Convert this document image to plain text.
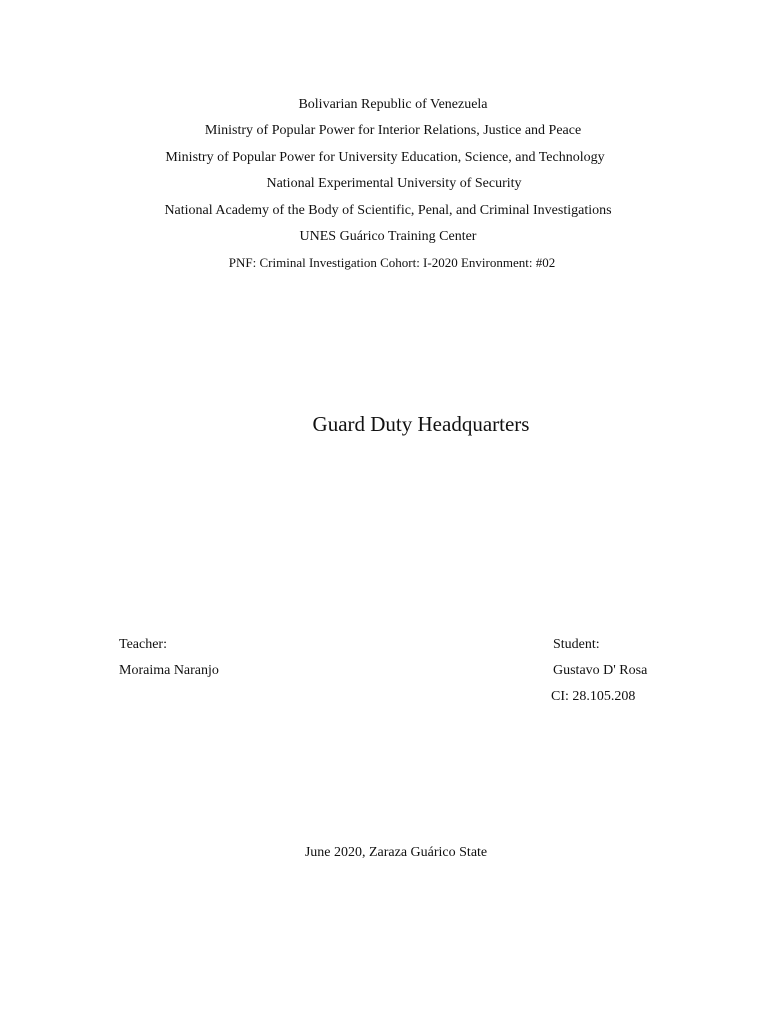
Bolivarian Republic of Venezuela
Ministry of Popular Power for Interior Relations, Justice and Peace
Ministry of Popular Power for University Education, Science, and Technology
National Experimental University of Security
National Academy of the Body of Scientific, Penal, and Criminal Investigations
UNES Guárico Training Center
PNF: Criminal Investigation Cohort: I-2020 Environment: #02
Guard Duty Headquarters
Teacher:
Moraima Naranjo
Student:
Gustavo D' Rosa
CI: 28.105.208
June 2020, Zaraza Guárico State
